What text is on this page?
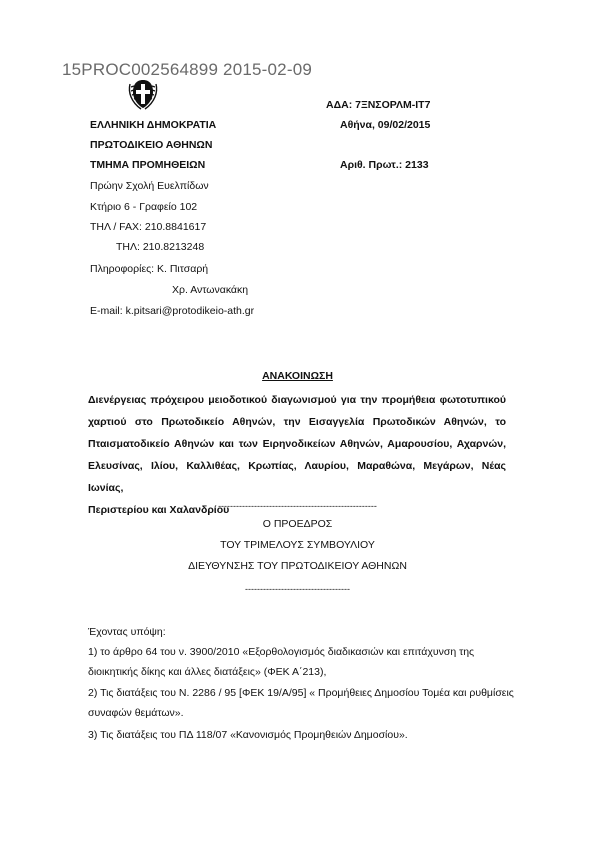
15PROC002564899 2015-02-09
ΑΔΑ: 7ΞΝΣΟΡΛΜ-ΙΤ7
ΕΛΛΗΝΙΚΗ ΔΗΜΟΚΡΑΤΙΑ	Αθήνα, 09/02/2015
ΠΡΩΤΟΔΙΚΕΙΟ ΑΘΗΝΩΝ
ΤΜΗΜΑ ΠΡΟΜΗΘΕΙΩΝ	Αριθ. Πρωτ.: 2133
Πρώην Σχολή Ευελπίδων
Κτήριο 6 - Γραφείο 102
ΤΗΛ / FAX: 210.8841617
ΤΗΛ: 210.8213248
Πληροφορίες: Κ. Πιτσαρή
Χρ. Αντωνακάκη
E-mail: k.pitsari@protodikeio-ath.gr
ΑΝΑΚΟΙΝΩΣΗ
Διενέργειας πρόχειρου μειοδοτικού διαγωνισμού για την προμήθεια φωτοτυπικού
χαρτιού στο Πρωτοδικείο Αθηνών, την Εισαγγελία Πρωτοδικών Αθηνών, το
Πταισματοδικείο Αθηνών και των Ειρηνοδικείων Αθηνών, Αμαρουσίου, Αχαρνών,
Ελευσίνας, Ιλίου, Καλλιθέας, Κρωπίας, Λαυρίου, Μαραθώνα, Μεγάρων, Νέας Ιωνίας,
Περιστερίου και Χαλανδρίου
-----------------------------------------------------
Ο ΠΡΟΕΔΡΟΣ
ΤΟΥ ΤΡΙΜΕΛΟΥΣ ΣΥΜΒΟΥΛΙΟΥ
ΔΙΕΥΘΥΝΣΗΣ ΤΟΥ ΠΡΩΤΟΔΙΚΕΙΟΥ ΑΘΗΝΩΝ
-----------------------------------
Έχοντας υπόψη:
1) το άρθρο 64 του ν. 3900/2010 «Εξορθολογισμός διαδικασιών και επιτάχυνση της
διοικητικής δίκης και άλλες διατάξεις» (ΦΕΚ Α΄213),
2) Τις διατάξεις του Ν. 2286 / 95 [ΦΕΚ 19/Α/95] « Προμήθειες Δημοσίου Τομέα και ρυθμίσεις
συναφών θεμάτων».
3) Τις διατάξεις του ΠΔ 118/07 «Κανονισμός Προμηθειών Δημοσίου».
